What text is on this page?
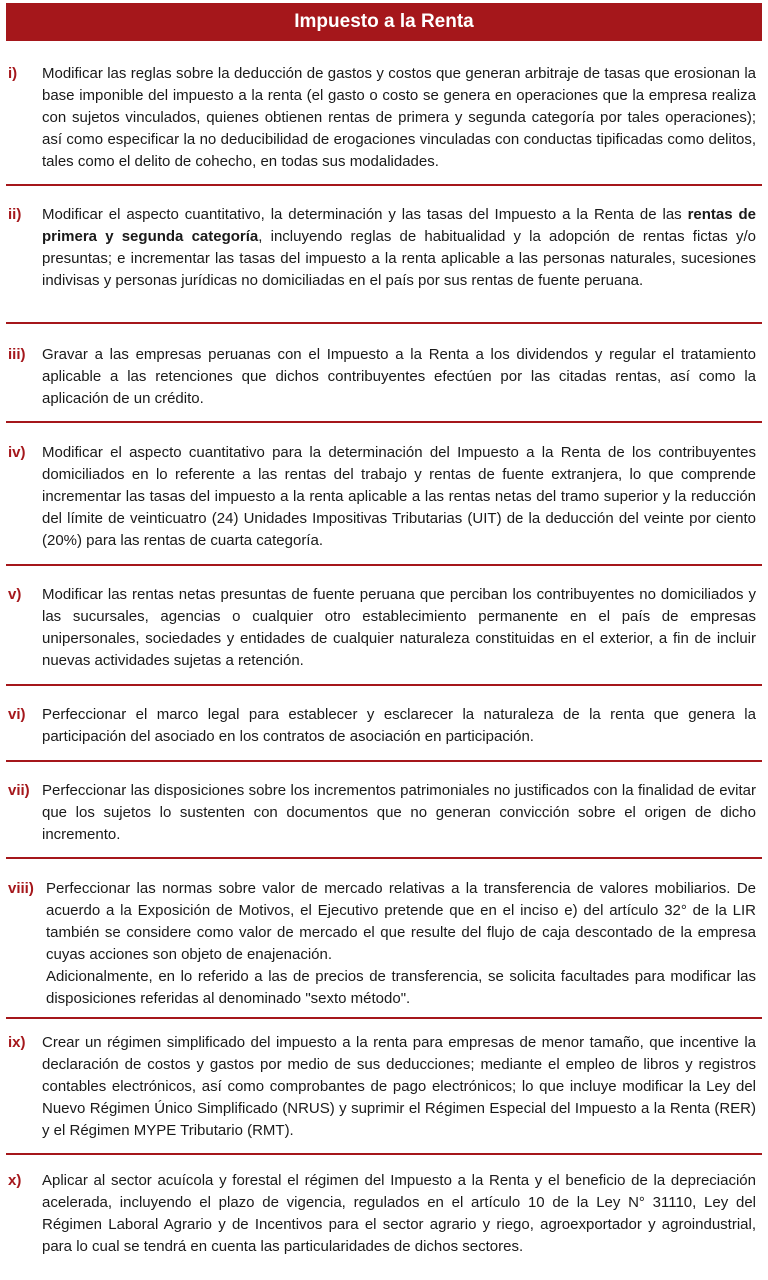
Impuesto a la Renta
i) Modificar las reglas sobre la deducción de gastos y costos que generan arbitraje de tasas que erosionan la base imponible del impuesto a la renta (el gasto o costo se genera en operaciones que la empresa realiza con sujetos vinculados, quienes obtienen rentas de primera y segunda categoría por tales operaciones); así como especificar la no deducibilidad de erogaciones vinculadas con conductas tipificadas como delitos, tales como el delito de cohecho, en todas sus modalidades.

ii) Modificar el aspecto cuantitativo, la determinación y las tasas del Impuesto a la Renta de las rentas de primera y segunda categoría, incluyendo reglas de habitualidad y la adopción de rentas fictas y/o presuntas; e incrementar las tasas del impuesto a la renta aplicable a las personas naturales, sucesiones indivisas y personas jurídicas no domiciliadas en el país por sus rentas de fuente peruana.

iii) Gravar a las empresas peruanas con el Impuesto a la Renta a los dividendos y regular el tratamiento aplicable a las retenciones que dichos contribuyentes efectúen por las citadas rentas, así como la aplicación de un crédito.

iv) Modificar el aspecto cuantitativo para la determinación del Impuesto a la Renta de los contribuyentes domiciliados en lo referente a las rentas del trabajo y rentas de fuente extranjera, lo que comprende incrementar las tasas del impuesto a la renta aplicable a las rentas netas del tramo superior y la reducción del límite de veinticuatro (24) Unidades Impositivas Tributarias (UIT) de la deducción del veinte por ciento (20%) para las rentas de cuarta categoría.

v) Modificar las rentas netas presuntas de fuente peruana que perciban los contribuyentes no domiciliados y las sucursales, agencias o cualquier otro establecimiento permanente en el país de empresas unipersonales, sociedades y entidades de cualquier naturaleza constituidas en el exterior, a fin de incluir nuevas actividades sujetas a retención.

vi) Perfeccionar el marco legal para establecer y esclarecer la naturaleza de la renta que genera la participación del asociado en los contratos de asociación en participación.

vii) Perfeccionar las disposiciones sobre los incrementos patrimoniales no justificados con la finalidad de evitar que los sujetos lo sustenten con documentos que no generan convicción sobre el origen de dicho incremento.

viii) Perfeccionar las normas sobre valor de mercado relativas a la transferencia de valores mobiliarios. De acuerdo a la Exposición de Motivos, el Ejecutivo pretende que en el inciso e) del artículo 32° de la LIR también se considere como valor de mercado el que resulte del flujo de caja descontado de la empresa cuyas acciones son objeto de enajenación.

Adicionalmente, en lo referido a las de precios de transferencia, se solicita facultades para modificar las disposiciones referidas al denominado "sexto método".

ix) Crear un régimen simplificado del impuesto a la renta para empresas de menor tamaño, que incentive la declaración de costos y gastos por medio de sus deducciones; mediante el empleo de libros y registros contables electrónicos, así como comprobantes de pago electrónicos; lo que incluye modificar la Ley del Nuevo Régimen Único Simplificado (NRUS) y suprimir el Régimen Especial del Impuesto a la Renta (RER) y el Régimen MYPE Tributario (RMT).

x) Aplicar al sector acuícola y forestal el régimen del Impuesto a la Renta y el beneficio de la depreciación acelerada, incluyendo el plazo de vigencia, regulados en el artículo 10 de la Ley N° 31110, Ley del Régimen Laboral Agrario y de Incentivos para el sector agrario y riego, agroexportador y agroindustrial, para lo cual se tendrá en cuenta las particularidades de dichos sectores.
